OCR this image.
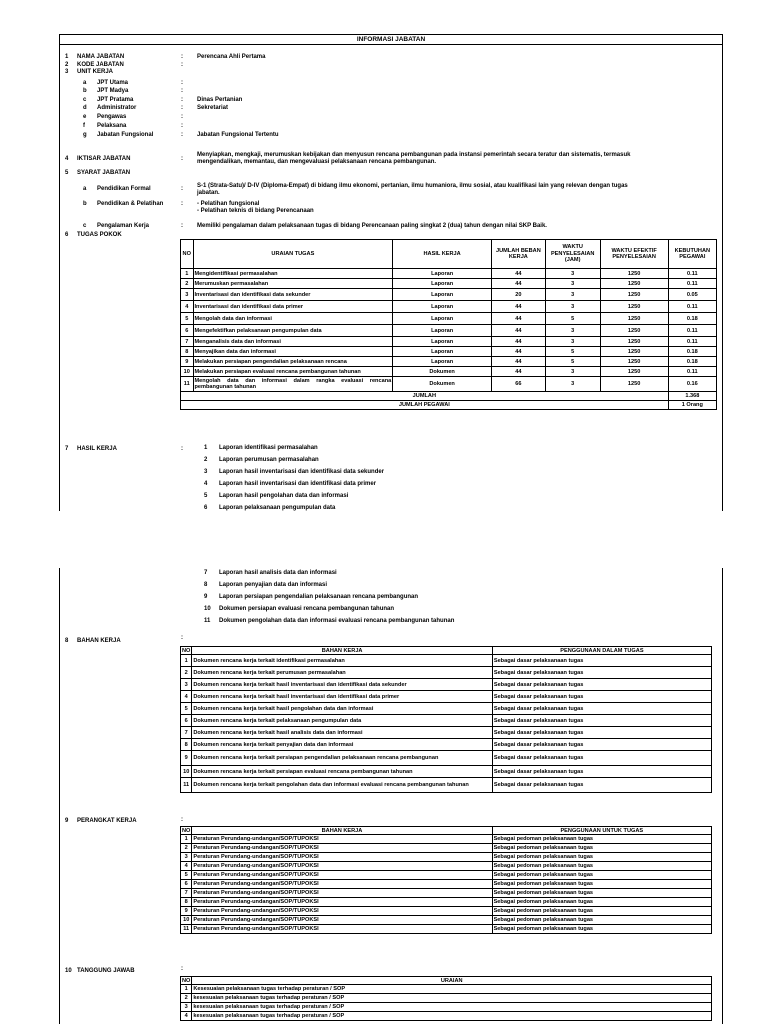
INFORMASI JABATAN
1 NAMA JABATAN	: Perencana Ahli Pertama
2 KODE JABATAN	:
3 UNIT KERJA
a JPT Utama	:
b JPT Madya	:
c JPT Pratama	: Dinas Pertanian
d Administrator	: Sekretariat
e Pengawas	:
f Pelaksana	:
g Jabatan Fungsional	: Jabatan Fungsional Tertentu
4 IKTISAR JABATAN	:
Menyiapkan, mengkaji, merumuskan kebijakan dan menyusun rencana pembangunan pada instansi pemerintah secara teratur dan sistematis, termasuk
mengendalikan, memantau, dan mengevaluasi pelaksanaan rencana pembangunan.
5 SYARAT JABATAN
a Pendidikan Formal	: S-1 (Strata-Satu)/ D-IV (Diploma-Empat) di bidang ilmu ekonomi, pertanian, ilmu humaniora, ilmu sosial, atau kualifikasi lain yang relevan dengan tugas
jabatan.
b Pendidikan & Pelatihan	: - Pelatihan fungsional
- Pelatihan teknis di bidang Perencanaan
c Pengalaman Kerja	: Memiliki pengalaman dalam pelaksanaan tugas di bidang Perencanaan paling singkat 2 (dua) tahun dengan nilai SKP Baik.
6 TUGAS POKOK
NO	URAIAN TUGAS	HASIL KERJA	JUMLAH BEBAN KERJA	WAKTU PENYELESAIAN (JAM)	WAKTU EFEKTIF PENYELESAIAN	KEBUTUHAN PEGAWAI
1	Mengidentifikasi permasalahan	Laporan	44	3	1250	0.11
2	Merumuskan permasalahan	Laporan	44	3	1250	0.11
3	Inventarisasi dan identifikasi data sekunder	Laporan	20	3	1250	0.05
4	Inventarisasi dan identifikasi data primer	Laporan	44	3	1250	0.11
5	Mengolah data dan informasi	Laporan	44	5	1250	0.18
6	Mengefektifkan pelaksanaan pengumpulan data	Laporan	44	3	1250	0.11
7	Menganalisis data dan informasi	Laporan	44	3	1250	0.11
8	Menyajikan data dan informasi	Laporan	44	5	1250	0.18
9	Melakukan persiapan pengendalian pelaksanaan rencana	Laporan	44	5	1250	0.18
10	Melakukan persiapan evaluasi rencana pembangunan tahunan	Dokumen	44	3	1250	0.11
11	Mengolah data dan informasi dalam rangka evaluasi rencana pembangunan tahunan	Dokumen	66	3	1250	0.16
JUMLAH						1.368
JUMLAH PEGAWAI						1 Orang
7 HASIL KERJA	:	1 Laporan identifikasi permasalahan
2 Laporan perumusan permasalahan
3 Laporan hasil inventarisasi dan identifikasi data sekunder
4 Laporan hasil inventarisasi dan identifikasi data primer
5 Laporan hasil pengolahan data dan informasi
6 Laporan pelaksanaan pengumpulan data
7 Laporan hasil analisis data dan informasi
8 Laporan penyajian data dan informasi
9 Laporan persiapan pengendalian pelaksanaan rencana pembangunan
10 Dokumen persiapan evaluasi rencana pembangunan tahunan
11 Dokumen pengolahan data dan informasi evaluasi rencana pembangunan tahunan
:
8 BAHAN KERJA
NO	BAHAN KERJA	PENGGUNAAN DALAM TUGAS
1	Dokumen rencana kerja terkait identifikasi permasalahan	Sebagai dasar pelaksanaan tugas
2	Dokumen rencana kerja terkait perumusan permasalahan	Sebagai dasar pelaksanaan tugas
3	Dokumen rencana kerja terkait hasil inventarisasi dan identifikasi data sekunder	Sebagai dasar pelaksanaan tugas
4	Dokumen rencana kerja terkait hasil inventarisasi dan identifikasi data primer	Sebagai dasar pelaksanaan tugas
5	Dokumen rencana kerja terkait hasil pengolahan data dan informasi	Sebagai dasar pelaksanaan tugas
6	Dokumen rencana kerja terkait pelaksanaan pengumpulan data	Sebagai dasar pelaksanaan tugas
7	Dokumen rencana kerja terkait hasil analisis data dan informasi	Sebagai dasar pelaksanaan tugas
8	Dokumen rencana kerja terkait penyajian data dan informasi	Sebagai dasar pelaksanaan tugas
9	Dokumen rencana kerja terkait persiapan pengendalian pelaksanaan rencana pembangunan	Sebagai dasar pelaksanaan tugas
10	Dokumen rencana kerja terkait persiapan evaluasi rencana pembangunan tahunan	Sebagai dasar pelaksanaan tugas
11	Dokumen rencana kerja terkait pengolahan data dan informasi evaluasi rencana pembangunan tahunan	Sebagai dasar pelaksanaan tugas
:
9 PERANGKAT KERJA
NO	BAHAN KERJA	PENGGUNAAN UNTUK TUGAS
1	Peraturan Perundang-undangan/SOP/TUPOKSI	Sebagai pedoman pelaksanaan tugas
2	Peraturan Perundang-undangan/SOP/TUPOKSI	Sebagai pedoman pelaksanaan tugas
3	Peraturan Perundang-undangan/SOP/TUPOKSI	Sebagai pedoman pelaksanaan tugas
4	Peraturan Perundang-undangan/SOP/TUPOKSI	Sebagai pedoman pelaksanaan tugas
5	Peraturan Perundang-undangan/SOP/TUPOKSI	Sebagai pedoman pelaksanaan tugas
6	Peraturan Perundang-undangan/SOP/TUPOKSI	Sebagai pedoman pelaksanaan tugas
7	Peraturan Perundang-undangan/SOP/TUPOKSI	Sebagai pedoman pelaksanaan tugas
8	Peraturan Perundang-undangan/SOP/TUPOKSI	Sebagai pedoman pelaksanaan tugas
9	Peraturan Perundang-undangan/SOP/TUPOKSI	Sebagai pedoman pelaksanaan tugas
10	Peraturan Perundang-undangan/SOP/TUPOKSI	Sebagai pedoman pelaksanaan tugas
11	Peraturan Perundang-undangan/SOP/TUPOKSI	Sebagai pedoman pelaksanaan tugas
:
10 TANGGUNG JAWAB
NO	URAIAN
1	Kesesuaian pelaksanaan tugas terhadap peraturan / SOP
2	kesesuaian pelaksanaan tugas terhadap peraturan / SOP
3	kesesuaian pelaksanaan tugas terhadap peraturan / SOP
4	kesesuaian pelaksanaan tugas terhadap peraturan / SOP
